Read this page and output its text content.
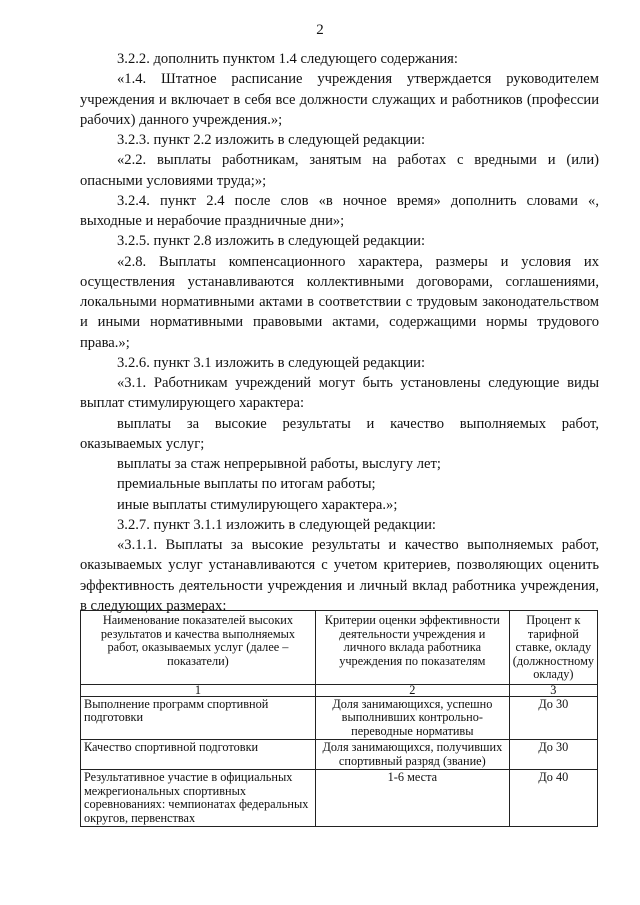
2

3.2.2. дополнить пунктом 1.4 следующего содержания:

«1.4. Штатное расписание учреждения утверждается руководителем учреждения и включает в себя все должности служащих и работников (профессии рабочих) данного учреждения.»;

3.2.3. пункт 2.2 изложить в следующей редакции:

«2.2. выплаты работникам, занятым на работах с вредными и (или) опасными условиями труда;»;

3.2.4. пункт 2.4 после слов «в ночное время» дополнить словами «, выходные и нерабочие праздничные дни»;

3.2.5. пункт 2.8 изложить в следующей редакции:

«2.8. Выплаты компенсационного характера, размеры и условия их осуществления устанавливаются коллективными договорами, соглашениями, локальными нормативными актами в соответствии с трудовым законодательством и иными нормативными правовыми актами, содержащими нормы трудового права.»;

3.2.6. пункт 3.1 изложить в следующей редакции:

«3.1. Работникам учреждений могут быть установлены следующие виды выплат стимулирующего характера:

выплаты за высокие результаты и качество выполняемых работ, оказываемых услуг;

выплаты за стаж непрерывной работы, выслугу лет;

премиальные выплаты по итогам работы;

иные выплаты стимулирующего характера.»;

3.2.7. пункт 3.1.1 изложить в следующей редакции:

«3.1.1. Выплаты за высокие результаты и качество выполняемых работ, оказываемых услуг устанавливаются с учетом критериев, позволяющих оценить эффективность деятельности учреждения и личный вклад работника учреждения, в следующих размерах:

Наименование показателей высоких результатов и качества выполняемых работ, оказываемых услуг (далее – показатели)	Критерии оценки эффективности деятельности учреждения и личного вклада работника учреждения по показателям	Процент к тарифной ставке, окладу (должностному окладу)
1	2	3
Выполнение программ спортивной подготовки	Доля занимающихся, успешно выполнивших контрольно-переводные нормативы	До 30
Качество спортивной подготовки	Доля занимающихся, получивших спортивный разряд (звание)	До 30
Результативное участие в официальных межрегиональных спортивных соревнованиях: чемпионатах федеральных округов, первенствах	1-6 места	До 40
